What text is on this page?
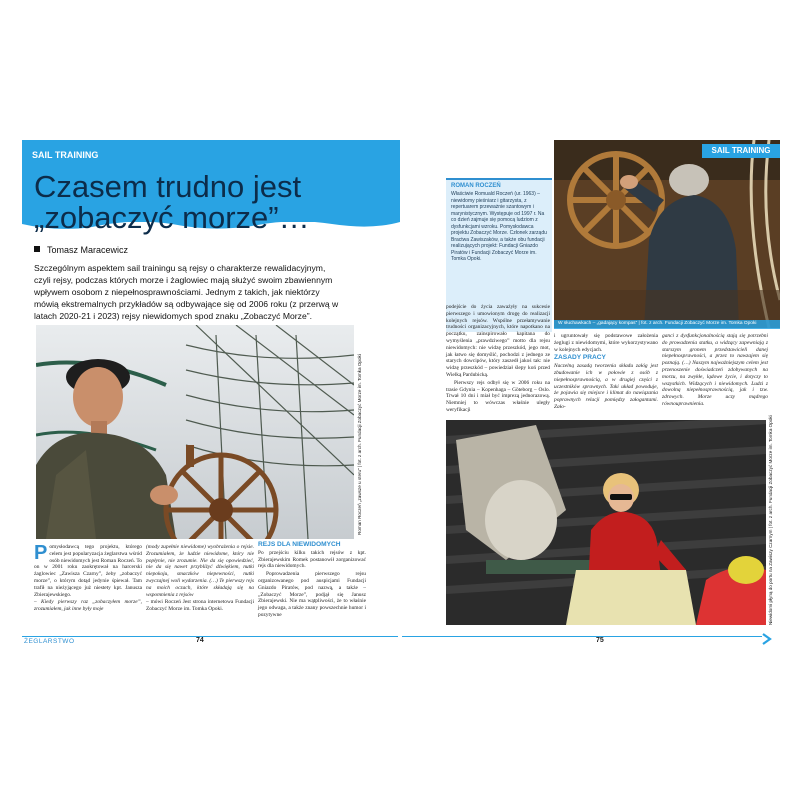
SAIL TRAINING
Czasem trudno jest
„zobaczyć morze”…
Tomasz Maracewicz
Szczególnym aspektem sail trainingu są rejsy o charakterze rewalidacyjnym, czyli rejsy, podczas których morze i żaglowiec mają służyć swoim zbawiennym wpływem osobom z niepełnosprawnościami. Jednym z takich, jak niektórzy mówią ekstremalnych przykładów są odbywające się od 2006 roku (z przerwą w latach 2020-21 i 2023) rejsy niewidomych spod znaku „Zobaczyć Morze”.
Roman Roczeń „zawsze u steru” | fot. z arch. Fundacji Zobaczyć Morze im. Tomka Opoki

Pomysłodawcą tego projektu, którego celem jest popularyzacja żeglarstwa wśród osób niewidomych jest Roman Roczeń. To on w 2001 roku zaokrętował na harcerski żaglowiec „Zawisza Czarny”, żeby „zobaczyć morze”, o którym dotąd jedynie śpiewał. Tam trafił na nieżyjącego już niestety kpt. Janusza Zbierajewskiego.

– Kiedy pierwszy raz „zobaczyłem morze”, zrozumiałem, jak inne były moje

(mody zupełnie niewidome) wyobrażenia o rejsie. Zrozumiałem, że ludzie niewidome, który nie popłynie, nie zrozumie. Nie da się opowiedzieć, nie da się nawet przybliżyć dźwiękiem, nutki niepokoju, smaczków niepewności, nutki zwyczajnej woli wydarzenia. (…) Te pierwszy rejs na moich oczach, które składają się na wspomnienia z rejsów

– mówi Roczeń Jest strona internetowa Fundacji Zobaczyć Morze im. Tomka Opoki.

REJS DLA NIEWIDOMYCH

Po przejściu kilku takich rejsów z kpt. Zbierajewskim Romek postanowił zorganizować rejs dla niewidomych.

Poprowadzenia pierwszego rejsu organizowanego pod auspicjami Fundacji Gniazdo Piratów, pod nazwą, a także – „Zobaczyć Morze”, podjął się Janusz Zbierajewski. Nie ma wątpliwości, że to właśnie jego odwaga, a także znany powszechnie humor i pozytywne

ŻEGLARSTWO	74
W słuchawkach – „gadający kompas” | fot. z arch. Fundacji Zobaczyć Morze im. Tomka Opoki
SAIL TRAINING
ROMAN ROCZEŃ
Właściwie Romuald Roczeń (ur. 1963) – niewidomy pieśniarz i gitarzysta, z repertuarem przeważnie szantowym i marynistycznym. Występuje od 1997 r. Na co dzień zajmuje się pomocą ludziom z dysfunkcjami wzroku. Pomysłodawca projektu Zobaczyć Morze. Członek zarządu Bractwa Zawiszaków, a także obu fundacji realizujących projekt: Fundacji Gniazdo Piratów i Fundacji Zobaczyć Morze im. Tomka Opoki.

podejście do życia zaważyły na sukcesie pierwszego i umowionym drogę do realizacji kolejnych rejsów. Wspólne przełamywanie trudności organizacyjnych, które napotkano na początku, zainspirowało kapitana do wymyślenia „prawdziwego” motto dla rejsu niewidomych: nie widzę przeszkód, jego mot, jak łatwo się domyślić, pochodzi z jednego ze starych dowcipów, który zaszedł jakoś tak: nie widzę przeszkód – powiedział ślepy koń przed Wielką Pardubicką.

Pierwszy rejs odbył się w 2006 roku na trasie Gdynia – Kopenhaga – Göteborg – Oslo. Trwał 10 dni i miał być imprezą jednorazową. Niemniej to wówczas właśnie uległy weryfikacji

i ugruntowały się podstawowe założenia żeglugi z niewidomymi, które wykorzystywano w kolejnych edycjach.

ZASADY PRACY

Naczelną zasadą tworzenia składu załóg jest zbudowanie ich w połowie z osób z niepełnosprawnością, a w drugiej części z uczestników sprawnych. Taki układ powoduje, że pojawia się miejsce i klimat do nawiązania poprawnych relacji pomiędzy załogantami. Zało-

ganci z dysfunkcjonalnością stają się potrzebni do prowadzenia statku, a widzący zapewniają z starszym gronem przedstawicieli danej niepełnosprawności, a przez to nawzajem się poznają. (…) Naszym najważniejszym celem jest przenoszenie doświadczeń zdobywanych na morzu, na zwykłe, lądowe życie, i dotyczy to wszystkich. Widzących i niewidomych. Ludzi z dowolną niepełnosprawnością, jak i tzw. zdrowych. Morze uczy mądrego równouprawnienia.

Niewidomi płyną do portu na Zawiszy Czarnym | fot. z arch. Fundacji Zobaczyć Morze im. Tomka Opoki
75
